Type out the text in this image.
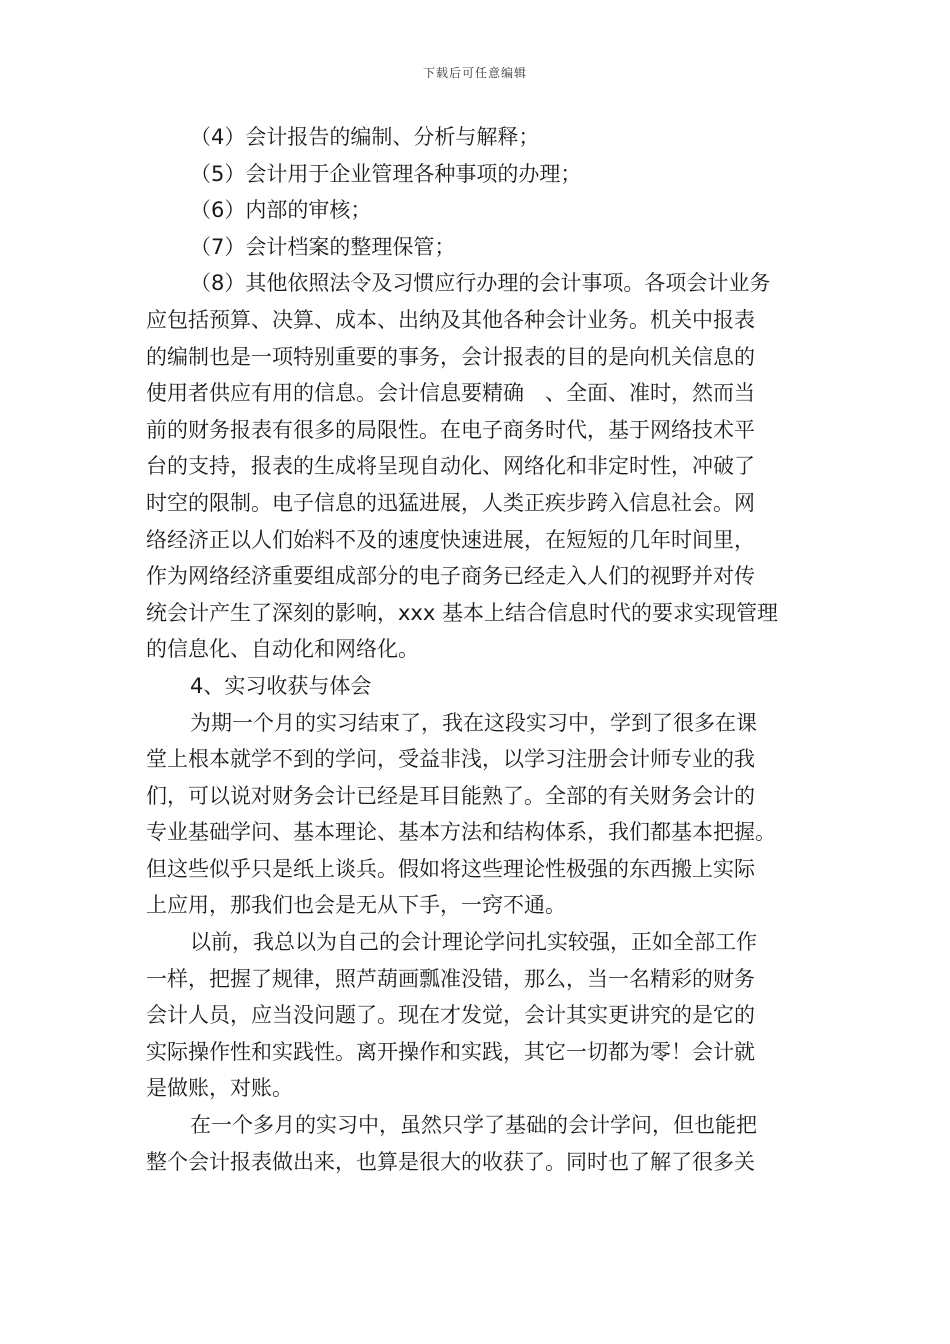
下载后可任意编辑
（4）会计报告的编制、分析与解释；
（5）会计用于企业管理各种事项的办理；
（6）内部的审核；
（7）会计档案的整理保管；
（8）其他依照法令及习惯应行办理的会计事项。各项会计业务
应包括预算、决算、成本、出纳及其他各种会计业务。机关中报表
的编制也是一项特别重要的事务，会计报表的目的是向机关信息的
使用者供应有用的信息。会计信息要精确　、全面、准时，然而当
前的财务报表有很多的局限性。在电子商务时代，基于网络技术平
台的支持，报表的生成将呈现自动化、网络化和非定时性，冲破了
时空的限制。电子信息的迅猛进展，人类正疾步跨入信息社会。网
络经济正以人们始料不及的速度快速进展，在短短的几年时间里，
作为网络经济重要组成部分的电子商务已经走入人们的视野并对传
统会计产生了深刻的影响，xxx 基本上结合信息时代的要求实现管理
的信息化、自动化和网络化。
4、实习收获与体会
为期一个月的实习结束了，我在这段实习中，学到了很多在课
堂上根本就学不到的学问，受益非浅，以学习注册会计师专业的我
们，可以说对财务会计已经是耳目能熟了。全部的有关财务会计的
专业基础学问、基本理论、基本方法和结构体系，我们都基本把握。
但这些似乎只是纸上谈兵。假如将这些理论性极强的东西搬上实际
上应用，那我们也会是无从下手，一窍不通。
以前，我总以为自己的会计理论学问扎实较强，正如全部工作
一样，把握了规律，照芦葫画瓢准没错，那么，当一名精彩的财务
会计人员，应当没问题了。现在才发觉，会计其实更讲究的是它的
实际操作性和实践性。离开操作和实践，其它一切都为零！会计就
是做账，对账。
在一个多月的实习中，虽然只学了基础的会计学问，但也能把
整个会计报表做出来，也算是很大的收获了。同时也了解了很多关
